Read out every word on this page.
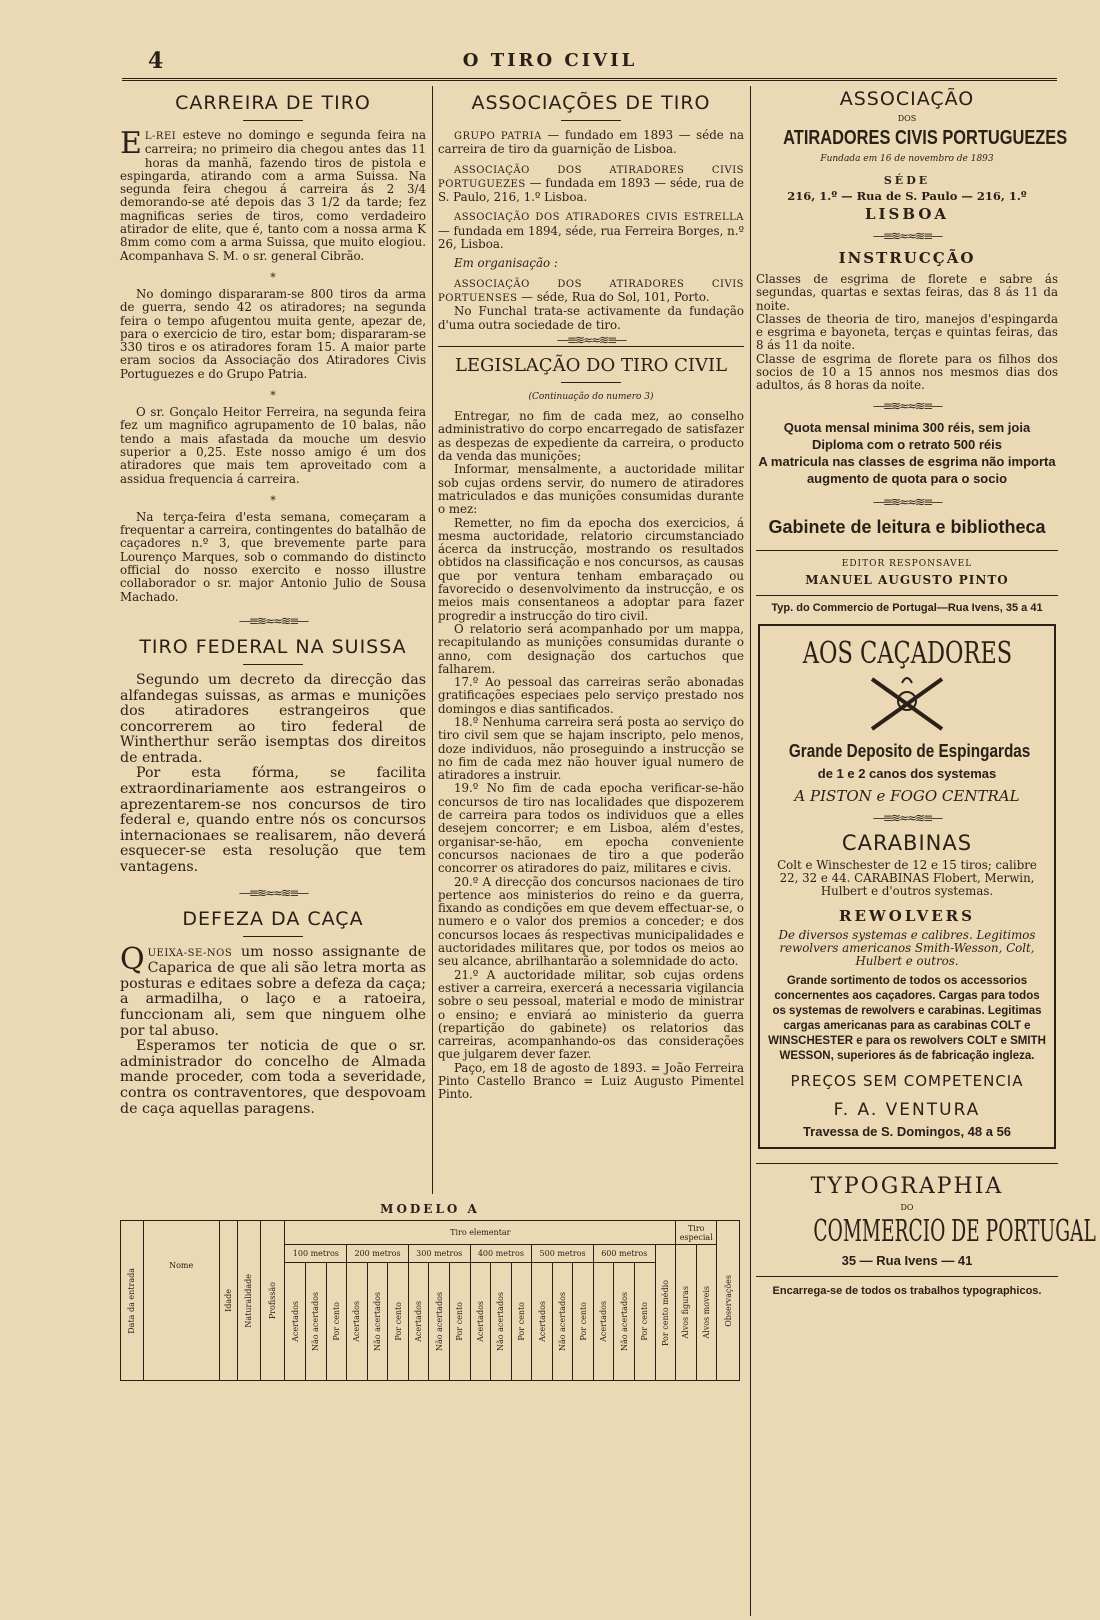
4	O TIRO CIVIL
CARREIRA DE TIRO

E L-REI esteve no domingo e segunda feira na carreira; no primeiro dia chegou antes das 11 horas da manhã, fazendo tiros de pistola e espingarda, atirando com a arma Suissa. Na segunda feira chegou á carreira ás 2 3/4 demorando-se até depois das 3 1/2 da tarde; fez magnificas series de tiros, como verdadeiro atirador de elite, que é, tanto com a nossa arma K 8mm como com a arma Suissa, que muito elogiou. Acompanhava S. M. o sr. general Cibrão.

*

No domingo dispararam-se 800 tiros da arma de guerra, sendo 42 os atiradores; na segunda feira o tempo afugentou muita gente, apezar de, para o exercicio de tiro, estar bom; dispararam-se 330 tiros e os atiradores foram 15. A maior parte eram socios da Associação dos Atiradores Civis Portuguezes e do Grupo Patria.

*

O sr. Gonçalo Heitor Ferreira, na segunda feira fez um magnifico agrupamento de 10 balas, não tendo a mais afastada da mouche um desvio superior a 0,25. Este nosso amigo é um dos atiradores que mais tem aproveitado com a assidua frequencia á carreira.

*

Na terça-feira d'esta semana, começaram a frequentar a carreira, contingentes do batalhão de caçadores n.º 3, que brevemente parte para Lourenço Marques, sob o commando do distincto official do nosso exercito e nosso illustre collaborador o sr. major Antonio Julio de Sousa Machado.

—≡≋≈≈≋≡—
TIRO FEDERAL NA SUISSA

Segundo um decreto da direcção das alfandegas suissas, as armas e munições dos atiradores estrangeiros que concorrerem ao tiro federal de Wintherthur serão isemptas dos direitos de entrada.

Por esta fórma, se facilita extraordinariamente aos estrangeiros o aprezentarem-se nos concursos de tiro federal e, quando entre nós os concursos internacionaes se realisarem, não deverá esquecer-se esta resolução que tem vantagens.

—≡≋≈≈≋≡—
DEFEZA DA CAÇA

QUEIXA-SE-NOS um nosso assignante de Caparica de que ali são letra morta as posturas e editaes sobre a defeza da caça; a armadilha, o laço e a ratoeira, funccionam ali, sem que ninguem olhe por tal abuso.

Esperamos ter noticia de que o sr. administrador do concelho de Almada mande proceder, com toda a severidade, contra os contraventores, que despovoam de caça aquellas paragens.

ASSOCIAÇÕES DE TIRO

GRUPO PATRIA — fundado em 1893 — séde na carreira de tiro da guarnição de Lisboa.

ASSOCIAÇÃO DOS ATIRADORES CIVIS PORTUGUEZES — fundada em 1893 — séde, rua de S. Paulo, 216, 1.º Lisboa.

ASSOCIAÇÃO DOS ATIRADORES CIVIS ESTRELLA — fundada em 1894, séde, rua Ferreira Borges, n.º 26, Lisboa.

Em organisação :

ASSOCIAÇÃO DOS ATIRADORES CIVIS PORTUENSES — séde, Rua do Sol, 101, Porto.

No Funchal trata-se activamente da fundação d'uma outra sociedade de tiro.

—≡≋≈≈≋≡—
LEGISLAÇÃO DO TIRO CIVIL

(Continuação do numero 3)

Entregar, no fim de cada mez, ao conselho administrativo do corpo encarregado de satisfazer as despezas de expediente da carreira, o producto da venda das munições;

Informar, mensalmente, a auctoridade militar sob cujas ordens servir, do numero de atiradores matriculados e das munições consumidas durante o mez:

Remetter, no fim da epocha dos exercicios, á mesma auctoridade, relatorio circumstanciado ácerca da instrucção, mostrando os resultados obtidos na classificação e nos concursos, as causas que por ventura tenham embaraçado ou favorecido o desenvolvimento da instrucção, e os meios mais consentaneos a adoptar para fazer progredir a instrucção do tiro civil.

O relatorio será acompanhado por um mappa, recapitulando as munições consumidas durante o anno, com designação dos cartuchos que falharem.

17.º Ao pessoal das carreiras serão abonadas gratificações especiaes pelo serviço prestado nos domingos e dias santificados.

18.º Nenhuma carreira será posta ao serviço do tiro civil sem que se hajam inscripto, pelo menos, doze individuos, não proseguindo a instrucção se no fim de cada mez não houver igual numero de atiradores a instruir.

19.º No fim de cada epocha verificar-se-hão concursos de tiro nas localidades que dispozerem de carreira para todos os individuos que a elles desejem concorrer; e em Lisboa, além d'estes, organisar-se-hão, em epocha conveniente concursos nacionaes de tiro a que poderão concorrer os atiradores do paiz, militares e civis.

20.º A direcção dos concursos nacionaes de tiro pertence aos ministerios do reino e da guerra, fixando as condições em que devem effectuar-se, o numero e o valor dos premios a conceder; e dos concursos locaes ás respectivas municipalidades e auctoridades militares que, por todos os meios ao seu alcance, abrilhantarão a solemnidade do acto.

21.º A auctoridade militar, sob cujas ordens estiver a carreira, exercerá a necessaria vigilancia sobre o seu pessoal, material e modo de ministrar o ensino; e enviará ao ministerio da guerra (repartição do gabinete) os relatorios das carreiras, acompanhando-os das considerações que julgarem dever fazer.

Paço, em 18 de agosto de 1893. = João Ferreira Pinto Castello Branco = Luiz Augusto Pimentel Pinto.

ASSOCIAÇÃO
DOS
ATIRADORES CIVIS PORTUGUEZES
Fundada em 16 de novembro de 1893
SÉDE
216, 1.º — Rua de S. Paulo — 216, 1.º
LISBOA
—≡≋≈≈≋≡—
INSTRUCÇÃO

Classes de esgrima de florete e sabre ás segundas, quartas e sextas feiras, das 8 ás 11 da noite.

Classes de theoria de tiro, manejos d'espingarda e esgrima e bayoneta, terças e quintas feiras, das 8 ás 11 da noite.

Classe de esgrima de florete para os filhos dos socios de 10 a 15 annos nos mesmos dias dos adultos, ás 8 horas da noite.

—≡≋≈≈≋≡—
Quota mensal minima 300 réis, sem joia
Diploma com o retrato 500 réis
A matricula nas classes de esgrima não importa
augmento de quota para o socio
—≡≋≈≈≋≡—
Gabinete de leitura e bibliotheca
EDITOR RESPONSAVEL
MANUEL AUGUSTO PINTO
Typ. do Commercio de Portugal—Rua Ivens, 35 a 41
AOS CAÇADORES
Grande Deposito de Espingardas
de 1 e 2 canos dos systemas
A PISTON e FOGO CENTRAL
—≡≋≈≈≋≡—
CARABINAS

Colt e Winschester de 12 e 15 tiros; calibre 22, 32 e 44. CARABINAS Flobert, Merwin, Hulbert e d'outros systemas.

REWOLVERS

De diversos systemas e calibres. Legitimos rewolvers americanos Smith-Wesson, Colt, Hulbert e outros.

Grande sortimento de todos os accessorios concernentes aos caçadores. Cargas para todos os systemas de rewolvers e carabinas. Legitimas cargas americanas para as carabinas COLT e WINSCHESTER e para os rewolvers COLT e SMITH WESSON, superiores ás de fabricação ingleza.

PREÇOS SEM COMPETENCIA
F. A. VENTURA
Travessa de S. Domingos, 48 a 56
TYPOGRAPHIA
DO
COMMERCIO DE PORTUGAL
35 — Rua Ivens — 41
Encarrega-se de todos os trabalhos typographicos.
MODELO A
Data da entrada	Nome	Idade	Naturalidade	Profissão	Tiro elementar																			Tiro especial		Observações

					100 metros			200 metros			300 metros			400 metros			500 metros			600 metros			Por cento médio	Alvos figuras	Alvos moveis	

					Acertados	Não acertados	Por cento	Acertados	Não acertados	Por cento	Acertados	Não acertados	Por cento	Acertados	Não acertados	Por cento	Acertados	Não acertados	Por cento	Acertados	Não acertados	Por cento				
